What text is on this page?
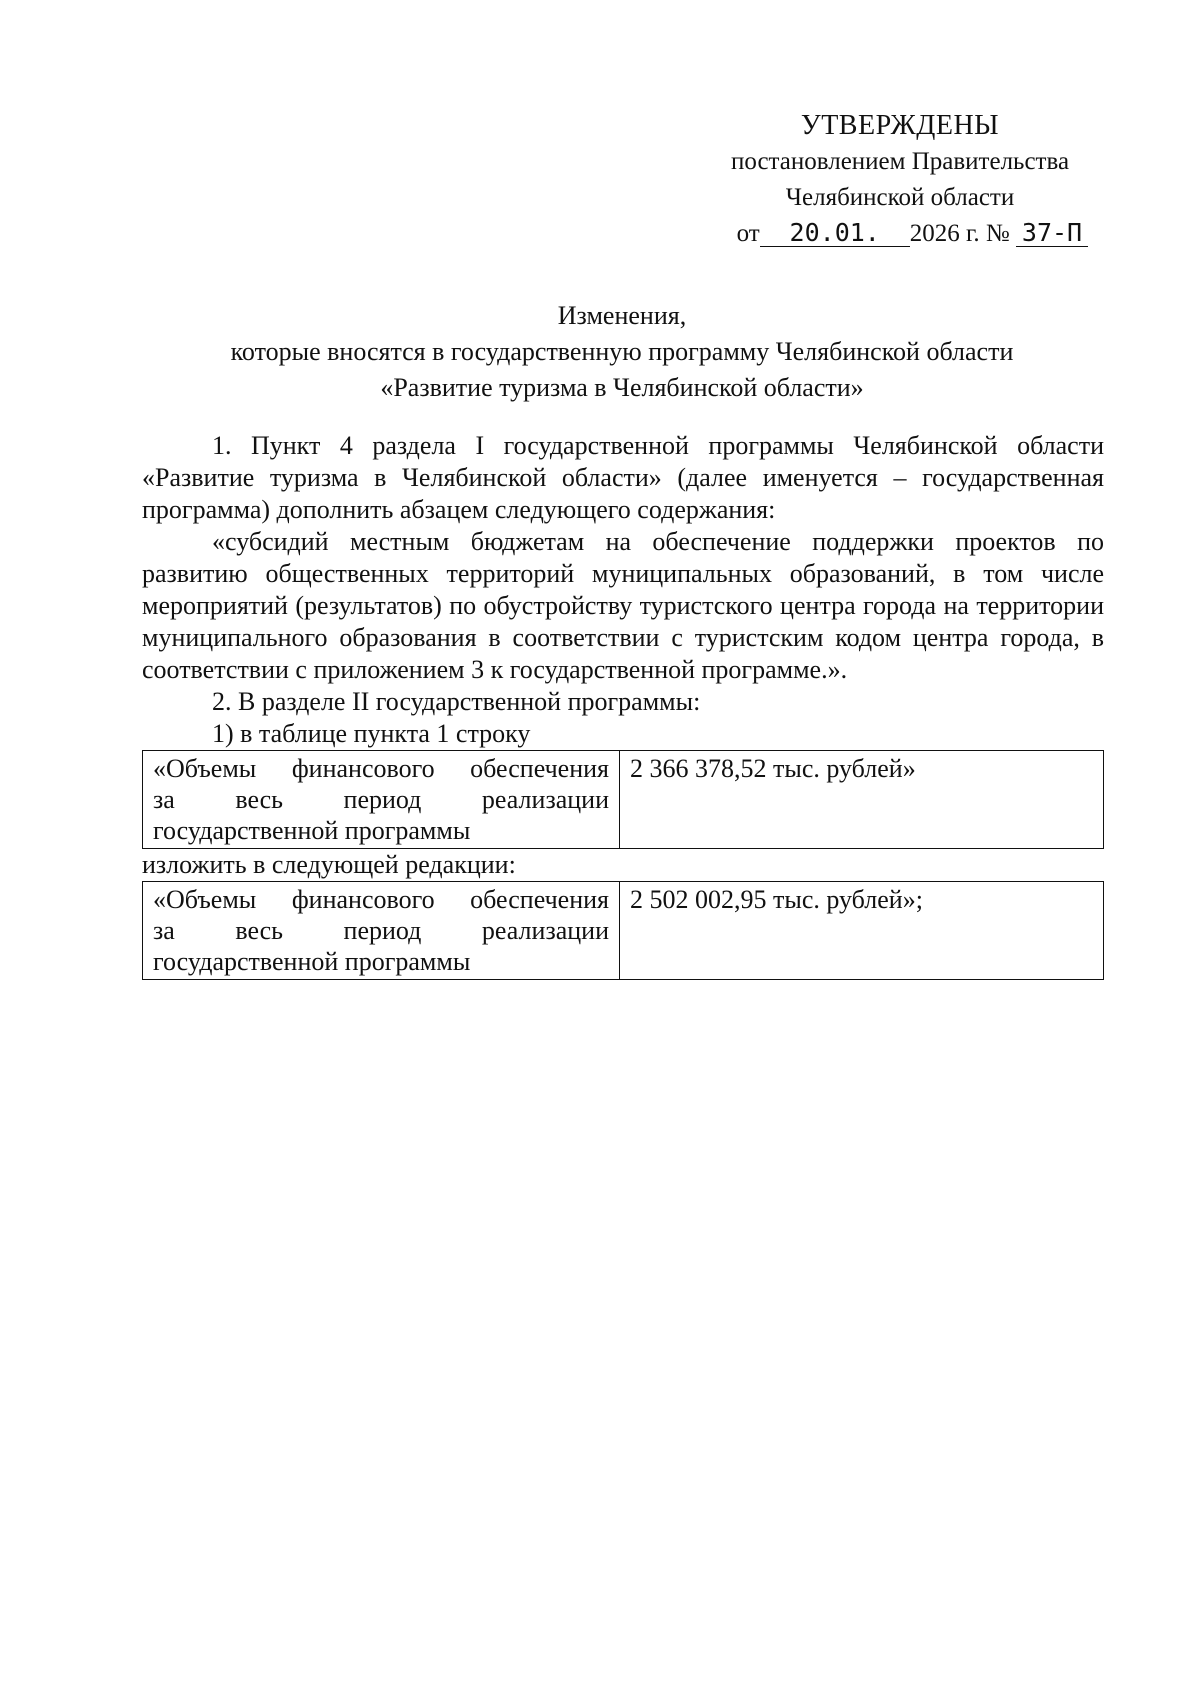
УТВЕРЖДЕНЫ
постановлением Правительства
Челябинской области
от 20.01. 2026 г. № 37-П
Изменения,
которые вносятся в государственную программу Челябинской области
«Развитие туризма в Челябинской области»

1. Пункт 4 раздела I государственной программы Челябинской области «Развитие туризма в Челябинской области» (далее именуется – государственная программа) дополнить абзацем следующего содержания:

«субсидий местным бюджетам на обеспечение поддержки проектов по развитию общественных территорий муниципальных образований, в том числе мероприятий (результатов) по обустройству туристского центра города на территории муниципального образования в соответствии с туристским кодом центра города, в соответствии с приложением 3 к государственной программе.».

2. В разделе II государственной программы:

1) в таблице пункта 1 строку

«Объемы финансового обеспечения
за весь период реализации
государственной программы	2 366 378,52 тыс. рублей»

изложить в следующей редакции:

«Объемы финансового обеспечения
за весь период реализации
государственной программы	2 502 002,95 тыс. рублей»;
